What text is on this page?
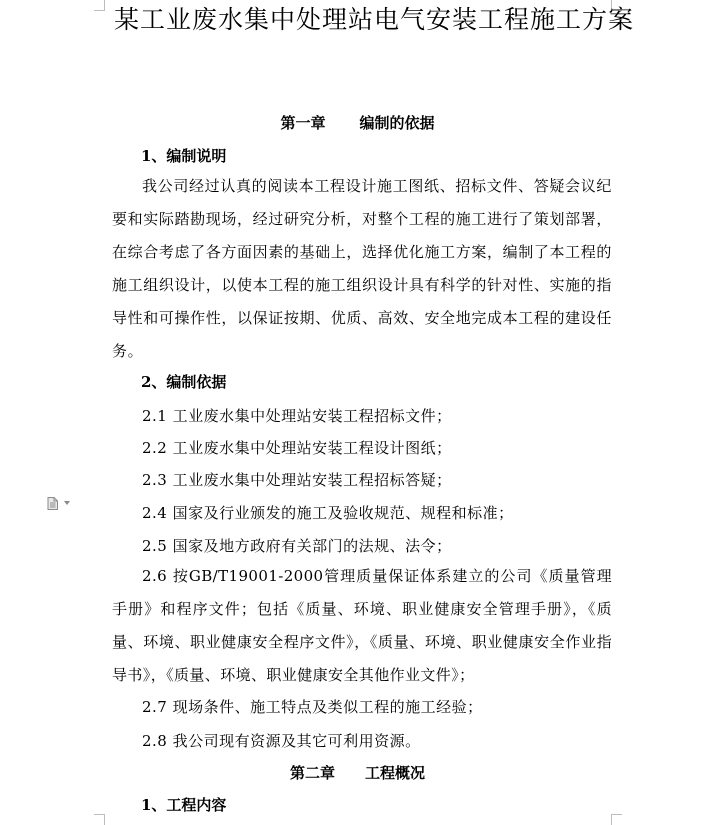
某工业废水集中处理站电气安装工程施工方案
第一章 编制的依据
1、编制说明
我公司经过认真的阅读本工程设计施工图纸、招标文件、答疑会议纪要和实际踏勘现场，经过研究分析，对整个工程的施工进行了策划部署，在综合考虑了各方面因素的基础上，选择优化施工方案，编制了本工程的施工组织设计，以使本工程的施工组织设计具有科学的针对性、实施的指导性和可操作性，以保证按期、优质、高效、安全地完成本工程的建设任务。
2、编制依据
2.1 工业废水集中处理站安装工程招标文件；
2.2 工业废水集中处理站安装工程设计图纸；
2.3 工业废水集中处理站安装工程招标答疑；
2.4 国家及行业颁发的施工及验收规范、规程和标准；
2.5 国家及地方政府有关部门的法规、法令；
2.6 按GB/T19001-2000管理质量保证体系建立的公司《质量管理手册》和程序文件；包括《质量、环境、职业健康安全管理手册》，《质量、环境、职业健康安全程序文件》，《质量、环境、职业健康安全作业指导书》，《质量、环境、职业健康安全其他作业文件》；
2.7 现场条件、施工特点及类似工程的施工经验；
2.8 我公司现有资源及其它可利用资源。
第二章 工程概况
1、工程内容
